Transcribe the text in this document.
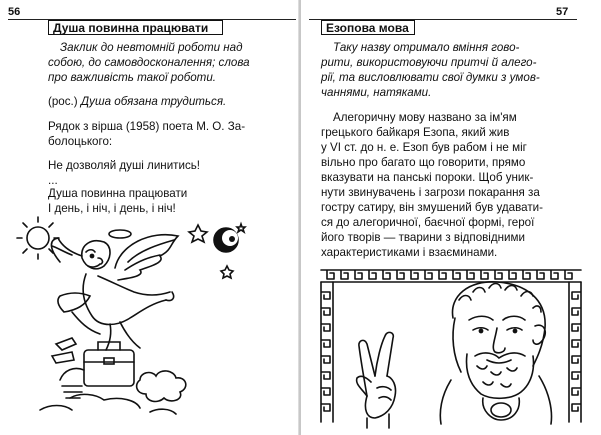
56
Душа повинна працювати
Заклик до невтомній роботи над
собою, до самовдосконалення; слова
про важливість такої роботи.
(рос.) Душа обязана трудиться.
Рядок з вірша (1958) поета М. О. За-
болоцького:
Не дозволяй душі линитись!
...
Душа повинна працювати
І день, і ніч, і день, і ніч!
57
Езопова мова
Таку назву отримало вміння гово-
рити, використовуючи притчі й алего-
рії, та висловлювати свої думки з умов-
чаннями, натяками.
Алегоричну мову названо за ім'ям
грецького байкаря Езопа, який жив
у VI ст. до н. е. Езоп був рабом і не міг
вільно про багато що говорити, прямо
вказувати на панські пороки. Щоб уник-
нути звинувачень і загрози покарання за
гостру сатиру, він змушений був удавати-
ся до алегоричної, баєчної формі, герої
його творів — тварини з відповідними
характеристиками і взаєминами.
